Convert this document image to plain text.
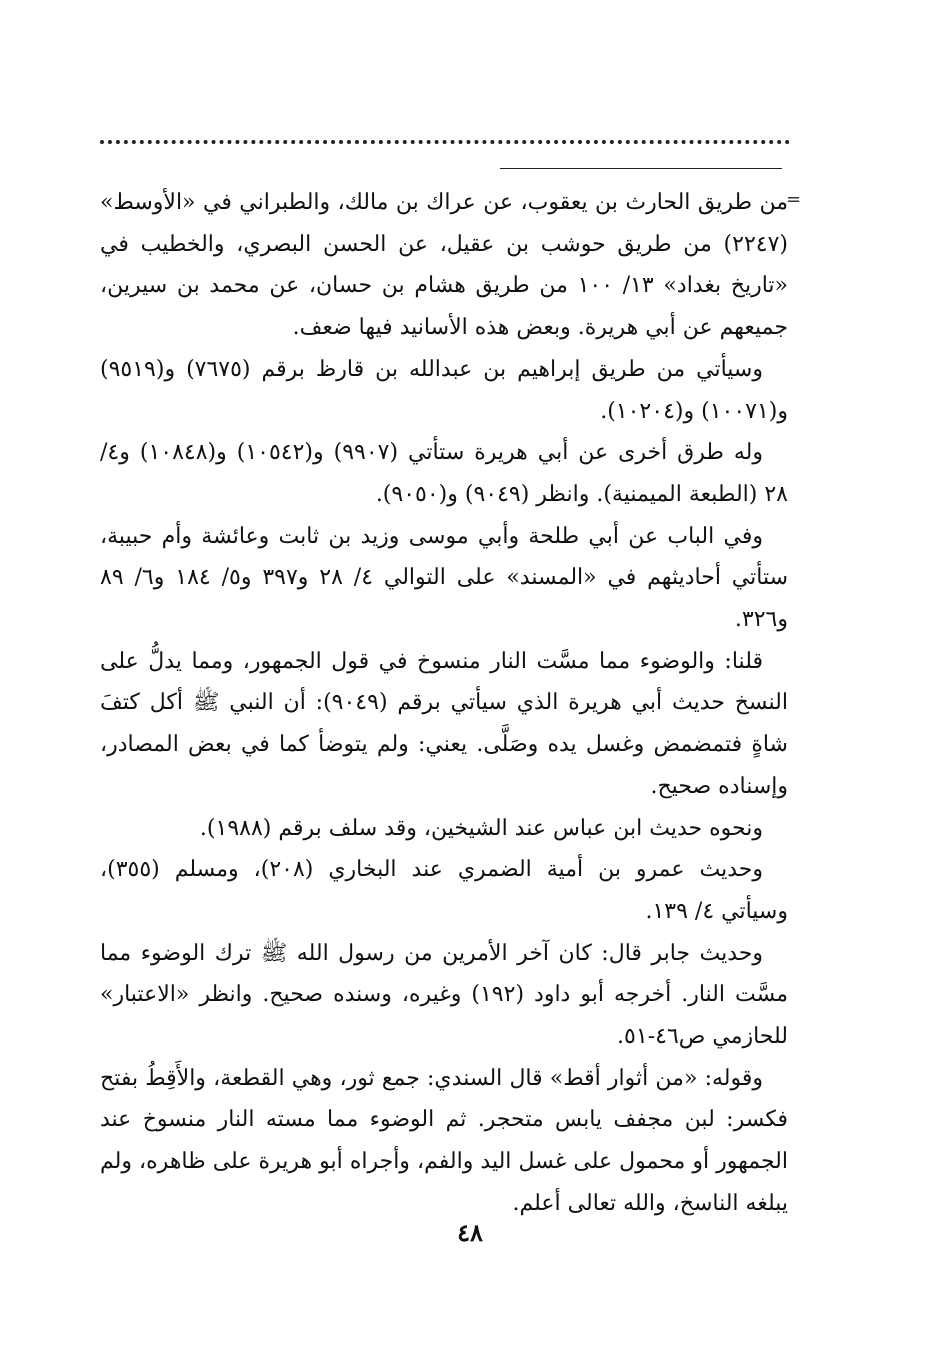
=

من طريق الحارث بن يعقوب، عن عراك بن مالك، والطبراني في «الأوسط» (٢٢٤٧) من طريق حوشب بن عقيل، عن الحسن البصري، والخطيب في «تاريخ بغداد» ١٣/ ١٠٠ من طريق هشام بن حسان، عن محمد بن سيرين، جميعهم عن أبي هريرة. وبعض هذه الأسانيد فيها ضعف.

وسيأتي من طريق إبراهيم بن عبدالله بن قارظ برقم (٧٦٧٥) و(٩٥١٩) و(١٠٠٧١) و(١٠٢٠٤).

وله طرق أخرى عن أبي هريرة ستأتي (٩٩٠٧) و(١٠٥٤٢) و(١٠٨٤٨) و٤/ ٢٨ (الطبعة الميمنية). وانظر (٩٠٤٩) و(٩٠٥٠).

وفي الباب عن أبي طلحة وأبي موسى وزيد بن ثابت وعائشة وأم حبيبة، ستأتي أحاديثهم في «المسند» على التوالي ٤/ ٢٨ و٣٩٧ و٥/ ١٨٤ و٦/ ٨٩ و٣٢٦.

قلنا: والوضوء مما مسَّت النار منسوخ في قول الجمهور، ومما يدلُّ على النسخ حديث أبي هريرة الذي سيأتي برقم (٩٠٤٩): أن النبي ﷺ أكل كتفَ شاةٍ فتمضمض وغسل يده وصَلَّى. يعني: ولم يتوضأ كما في بعض المصادر، وإسناده صحيح.

ونحوه حديث ابن عباس عند الشيخين، وقد سلف برقم (١٩٨٨).

وحديث عمرو بن أمية الضمري عند البخاري (٢٠٨)، ومسلم (٣٥٥)، وسيأتي ٤/ ١٣٩.

وحديث جابر قال: كان آخر الأمرين من رسول الله ﷺ ترك الوضوء مما مسَّت النار. أخرجه أبو داود (١٩٢) وغيره، وسنده صحيح. وانظر «الاعتبار» للحازمي ص٤٦-٥١.

وقوله: «من أثوار أقط» قال السندي: جمع ثور، وهي القطعة، والأَقِطُ بفتح فكسر: لبن مجفف يابس متحجر. ثم الوضوء مما مسته النار منسوخ عند الجمهور أو محمول على غسل اليد والفم، وأجراه أبو هريرة على ظاهره، ولم يبلغه الناسخ، والله تعالى أعلم.

٤٨
